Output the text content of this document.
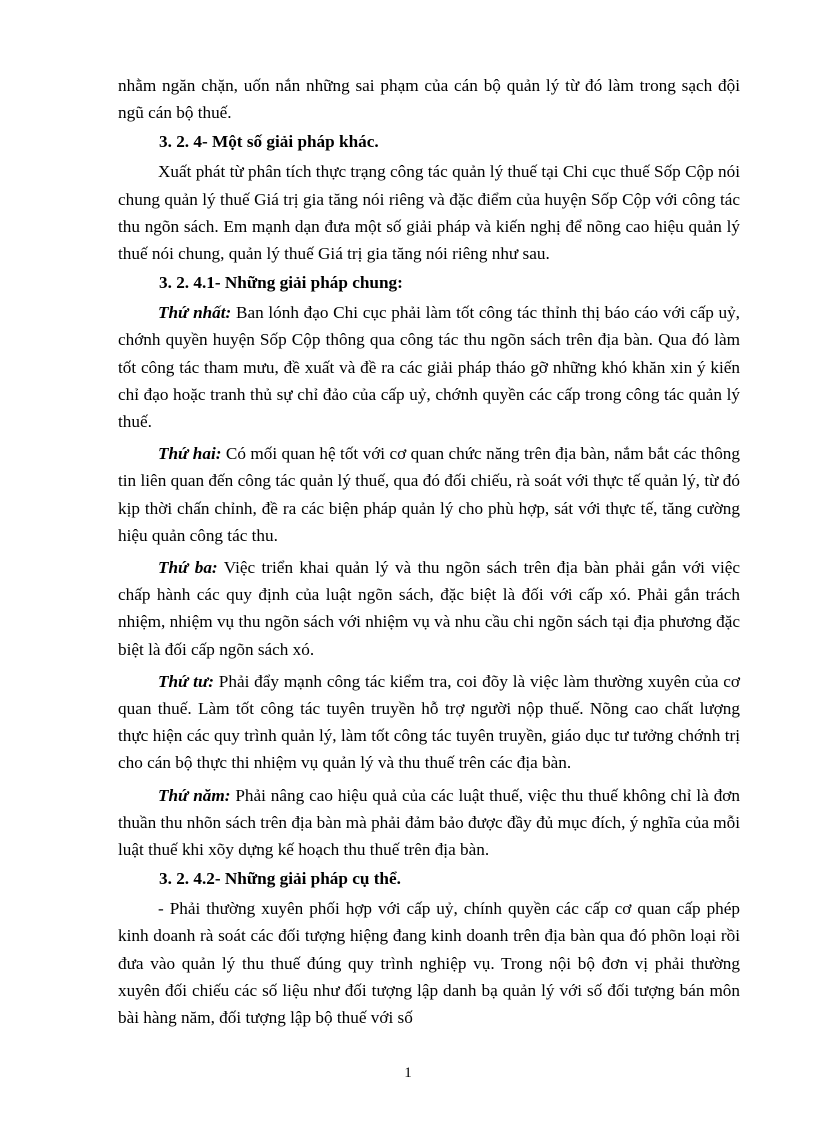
nhằm ngăn chặn, uốn nắn những sai phạm của cán bộ quản lý từ đó làm trong sạch đội ngũ cán bộ thuế.

3. 2. 4- Một số giải pháp khác.

Xuất phát từ phân tích thực trạng công tác quản lý thuế tại Chi cục thuế Sốp Cộp nói chung quản lý thuế Giá trị gia tăng nói riêng và đặc điểm của huyện Sốp Cộp với công tác thu ngõn sách. Em mạnh dạn đưa một số giải pháp và kiến nghị để nõng cao hiệu quản lý thuế nói chung, quản lý thuế Giá trị gia tăng nói riêng như sau.

3. 2. 4.1- Những giải pháp chung:

Thứ nhất: Ban lónh đạo Chi cục phải làm tốt công tác thỉnh thị báo cáo với cấp uỷ, chớnh quyền huyện Sốp Cộp thông qua công tác thu ngõn sách trên địa bàn. Qua đó làm tốt công tác tham mưu, đề xuất và đề ra các giải pháp tháo gỡ những khó khăn xin ý kiến chỉ đạo hoặc tranh thủ sự chỉ đảo của cấp uỷ, chớnh quyền các cấp trong công tác quản lý thuế.

Thứ hai: Có mối quan hệ tốt với cơ quan chức năng trên địa bàn, nắm bắt các thông tin liên quan đến công tác quản lý thuế, qua đó đối chiếu, rà soát với thực tế quản lý, từ đó kịp thời chấn chỉnh, đề ra các biện pháp quản lý cho phù hợp, sát với thực tế, tăng cường hiệu quản công tác thu.

Thứ ba: Việc triển khai quản lý và thu ngõn sách trên địa bàn phải gắn với việc chấp hành các quy định của luật ngõn sách, đặc biệt là đối với cấp xó. Phải gắn trách nhiệm, nhiệm vụ thu ngõn sách với nhiệm vụ và nhu cầu chi ngõn sách tại địa phương đặc biệt là đối cấp ngõn sách xó.

Thứ tư: Phải đẩy mạnh công tác kiểm tra, coi đõy là việc làm thường xuyên của cơ quan thuế. Làm tốt công tác tuyên truyền hỗ trợ người nộp thuế. Nõng cao chất lượng thực hiện các quy trình quản lý, làm tốt công tác tuyên truyền, giáo dục tư tưởng chớnh trị cho cán bộ thực thi nhiệm vụ quản lý và thu thuế trên các địa bàn.

Thứ năm: Phải nâng cao hiệu quả của các luật thuế, việc thu thuế không chỉ là đơn thuần thu nhõn sách trên địa bàn mà phải đảm bảo được đầy đủ mục đích, ý nghĩa của mỗi luật thuế khi xõy dựng kế hoạch thu thuế trên địa bàn.

3. 2. 4.2- Những giải pháp cụ thể.

- Phải thường xuyên phối hợp với cấp uỷ, chính quyền các cấp cơ quan cấp phép kinh doanh rà soát các đối tượng hiệng đang kinh doanh trên địa bàn qua đó phõn loại rồi đưa vào quản lý thu thuế đúng quy trình nghiệp vụ. Trong nội bộ đơn vị phải thường xuyên đối chiếu các số liệu như đối tượng lập danh bạ quản lý với số đối tượng bán môn bài hàng năm, đối tượng lập bộ thuế với số

1
